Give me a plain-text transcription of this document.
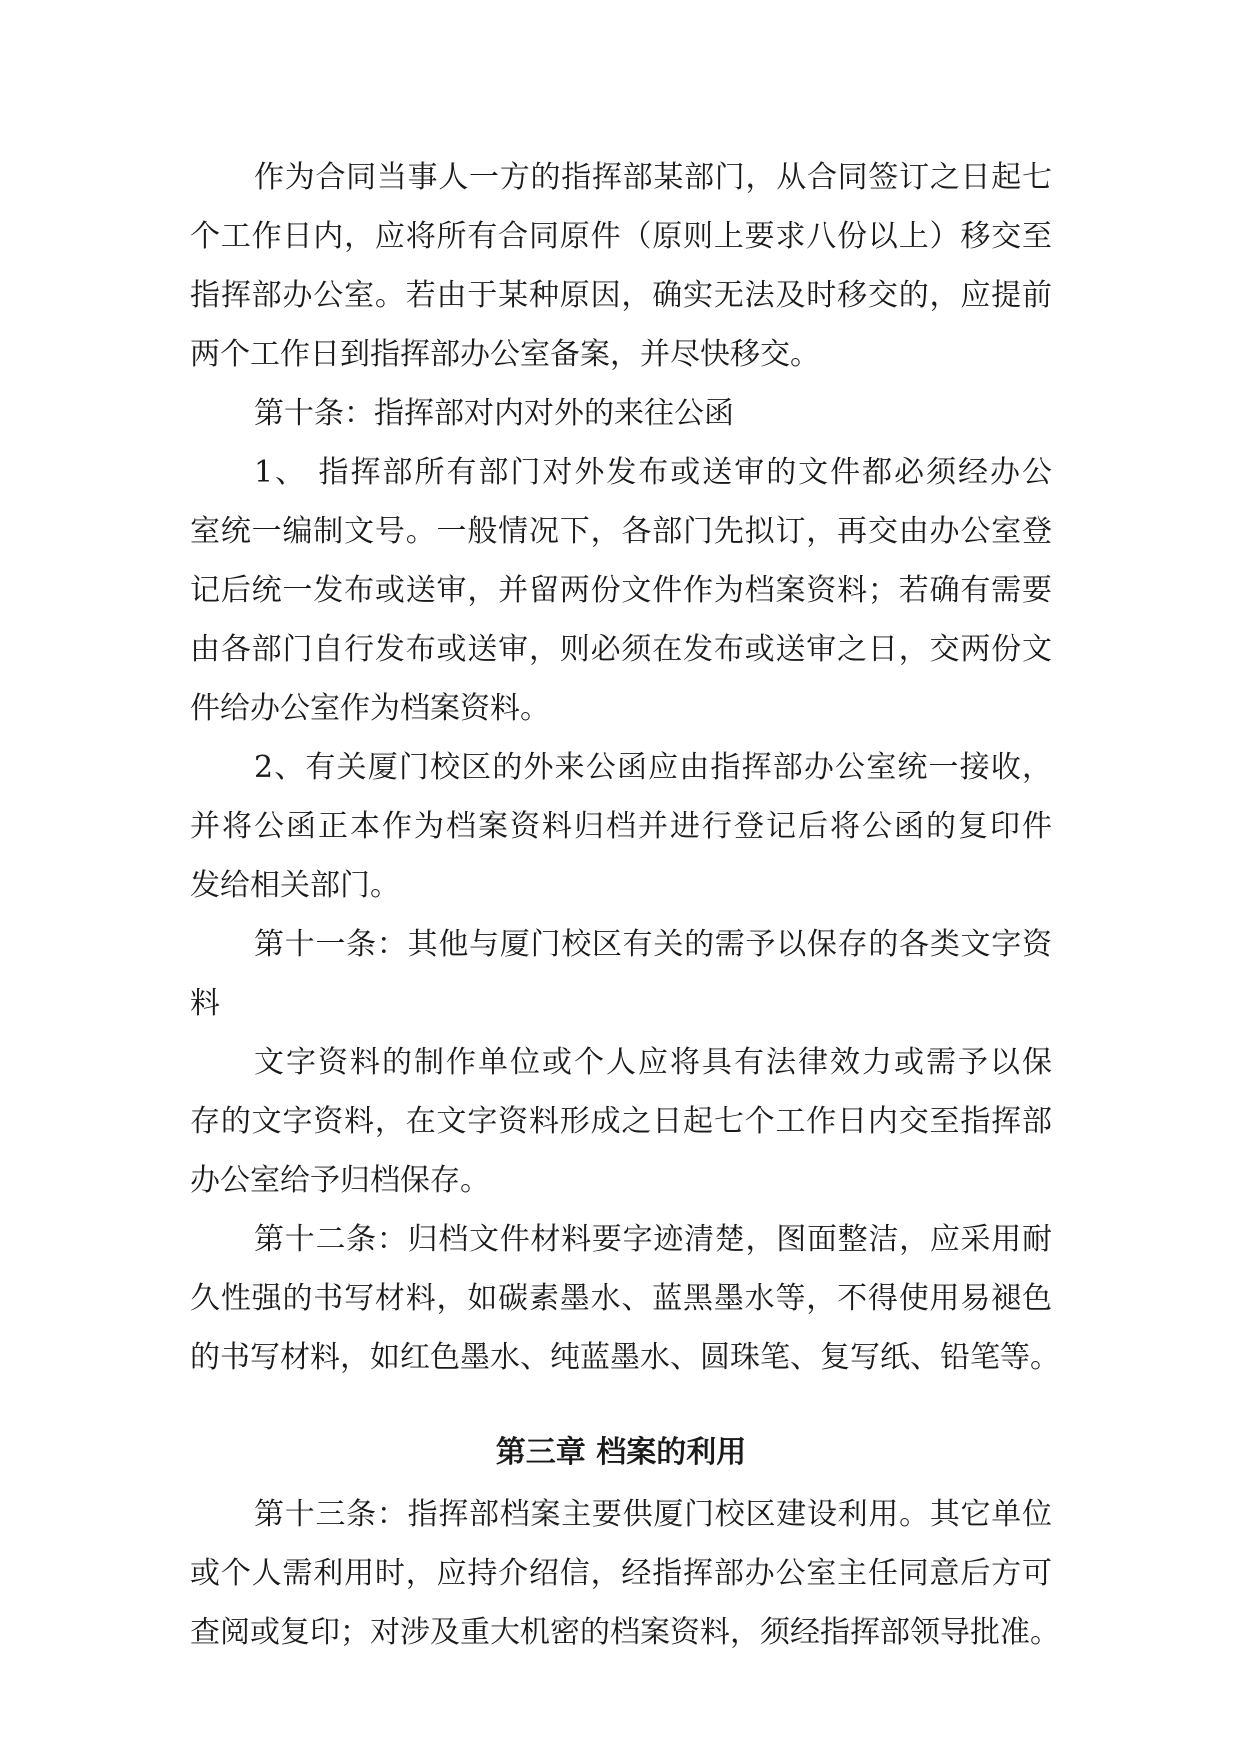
作为合同当事人一方的指挥部某部门，从合同签订之日起七
个工作日内，应将所有合同原件（原则上要求八份以上）移交至
指挥部办公室。若由于某种原因，确实无法及时移交的，应提前
两个工作日到指挥部办公室备案，并尽快移交。
第十条：指挥部对内对外的来往公函
1、 指挥部所有部门对外发布或送审的文件都必须经办公
室统一编制文号。一般情况下，各部门先拟订，再交由办公室登
记后统一发布或送审，并留两份文件作为档案资料；若确有需要
由各部门自行发布或送审，则必须在发布或送审之日，交两份文
件给办公室作为档案资料。
2、有关厦门校区的外来公函应由指挥部办公室统一接收，
并将公函正本作为档案资料归档并进行登记后将公函的复印件
发给相关部门。
第十一条：其他与厦门校区有关的需予以保存的各类文字资
料
文字资料的制作单位或个人应将具有法律效力或需予以保
存的文字资料，在文字资料形成之日起七个工作日内交至指挥部
办公室给予归档保存。
第十二条：归档文件材料要字迹清楚，图面整洁，应采用耐
久性强的书写材料，如碳素墨水、蓝黑墨水等，不得使用易褪色
的书写材料，如红色墨水、纯蓝墨水、圆珠笔、复写纸、铅笔等。
第三章 档案的利用
第十三条：指挥部档案主要供厦门校区建设利用。其它单位
或个人需利用时，应持介绍信，经指挥部办公室主任同意后方可
查阅或复印；对涉及重大机密的档案资料，须经指挥部领导批准。
